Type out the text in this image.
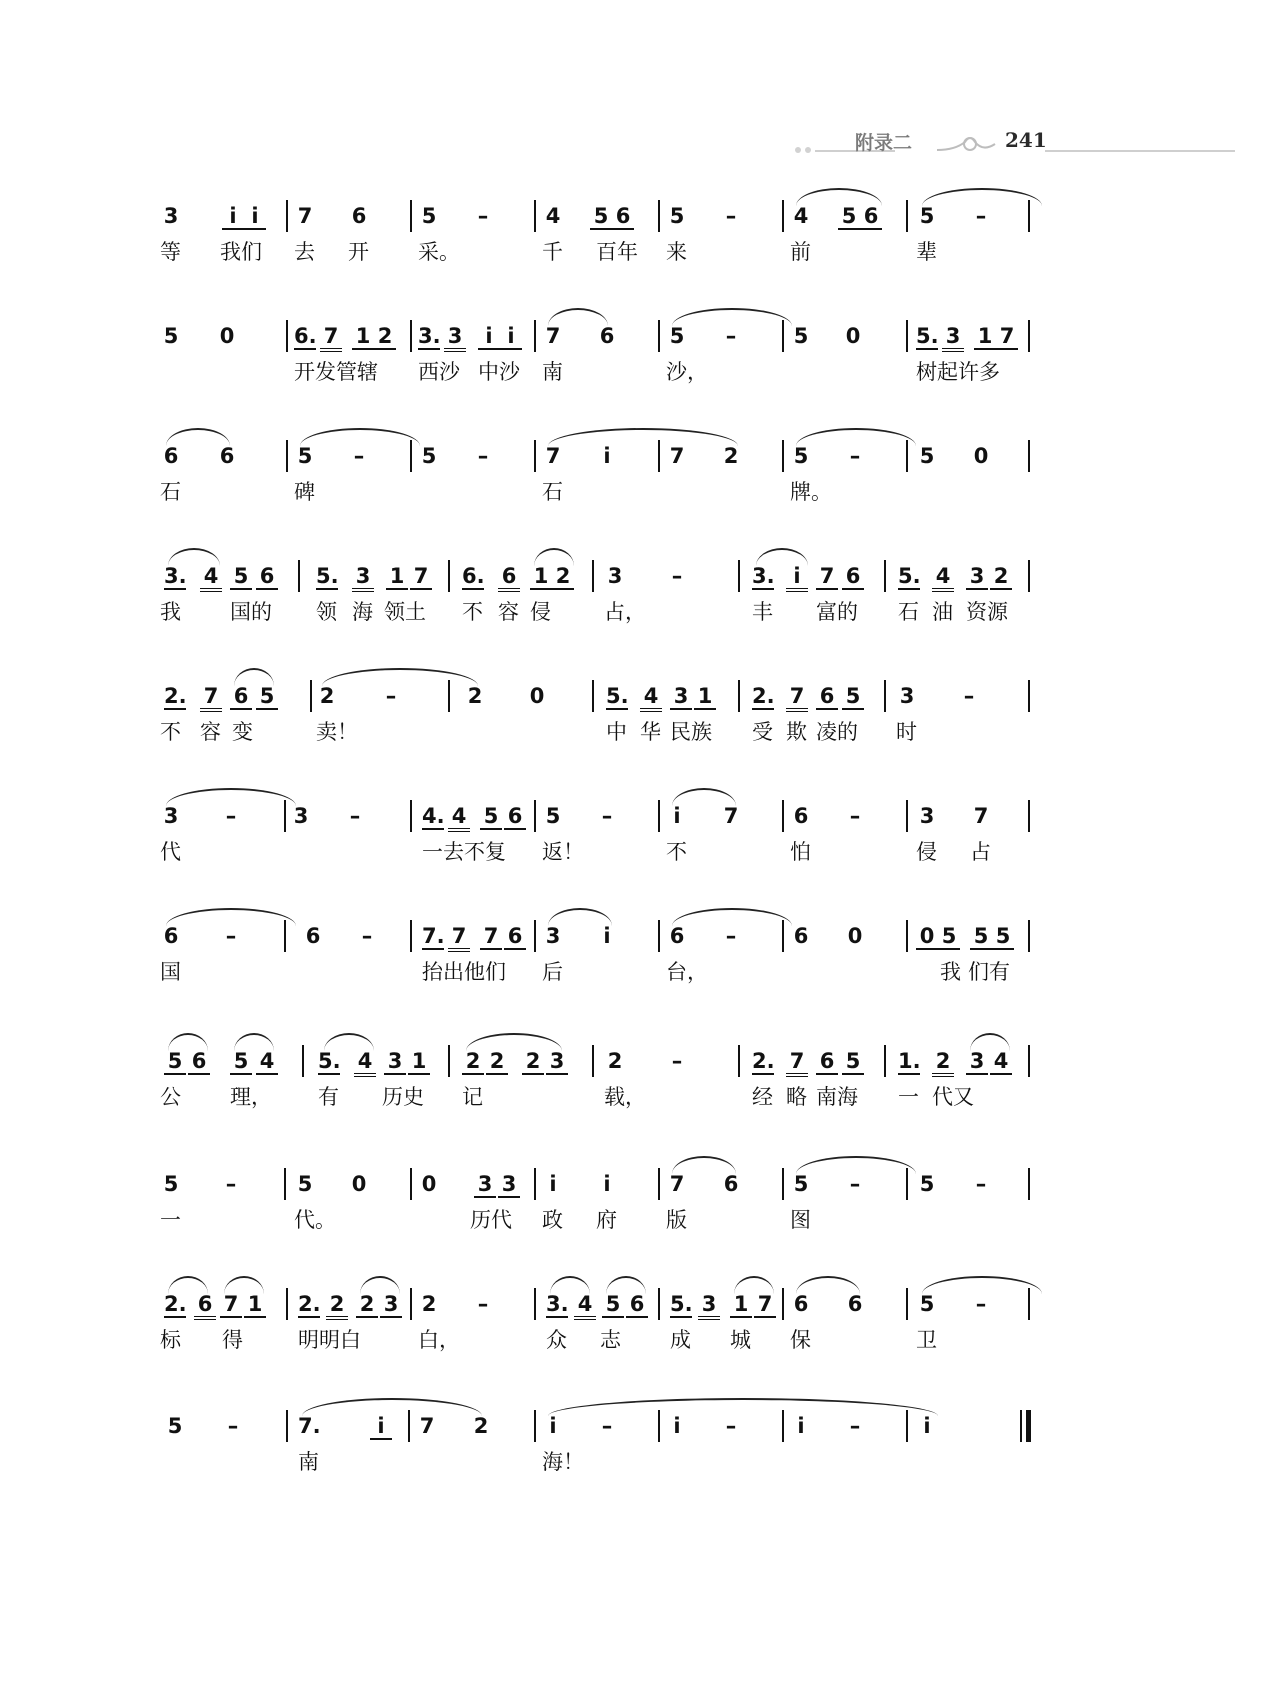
附录二	241
3	i i	7 6	5 –	4 5 6 5 –	4 5 6 5 –
等 我们 去 开 采。	千 百年 来	前	辈
5 0	6. 7 1 2 3. 3	i i	7 6	5 –	5 0	5. 3 1 7
开发管辖 西沙 中沙 南	沙，	树起许多
6 6	5 –	5 –	7	i	7 2	5 –	5 0
石	碑	石	牌。
3. 4 5 6 5. 3 1 7 6. 6 1 2 3 –	3. i 7 6 5. 4 3 2
我 国的 领 海 领土 不 容 侵	占，	丰 富的 石 油 资源
2. 7 6 5 2 –	2 0	5. 4 3 1 2. 7 6 5 3 –
不 容 变	卖！	中 华 民族 受 欺 凌的 时
3 –	3 –	4. 4 5 6 5 –	i	7	6 –	3 7
代	一去不复 返！	不	怕	侵 占
6 –	6 – 7. 7 7 6 3	i	6 –	6 0	0 5 5 5
国	抬出他们 后	台，	我 们有
5 6 5 4 5. 4 3 1 2 2 2 3 2 –	2. 7 6 5 1. 2 3 4
公 理， 有 历史 记	载，	经 略 南海 一 代又
5 –	5 0	0 3 3	i	i	7 6	5 –	5 –
一	代。	历代 政 府 版	图
2. 6 7 1 2. 2 2 3 2 –	3. 4 5 6 5. 3 1 7 6 6	5 –
标 得	明明白	白，	众 志 成 城 保	卫
5 –	7.	i	7 2	i	–	i	–	i	–	i
南	海！
